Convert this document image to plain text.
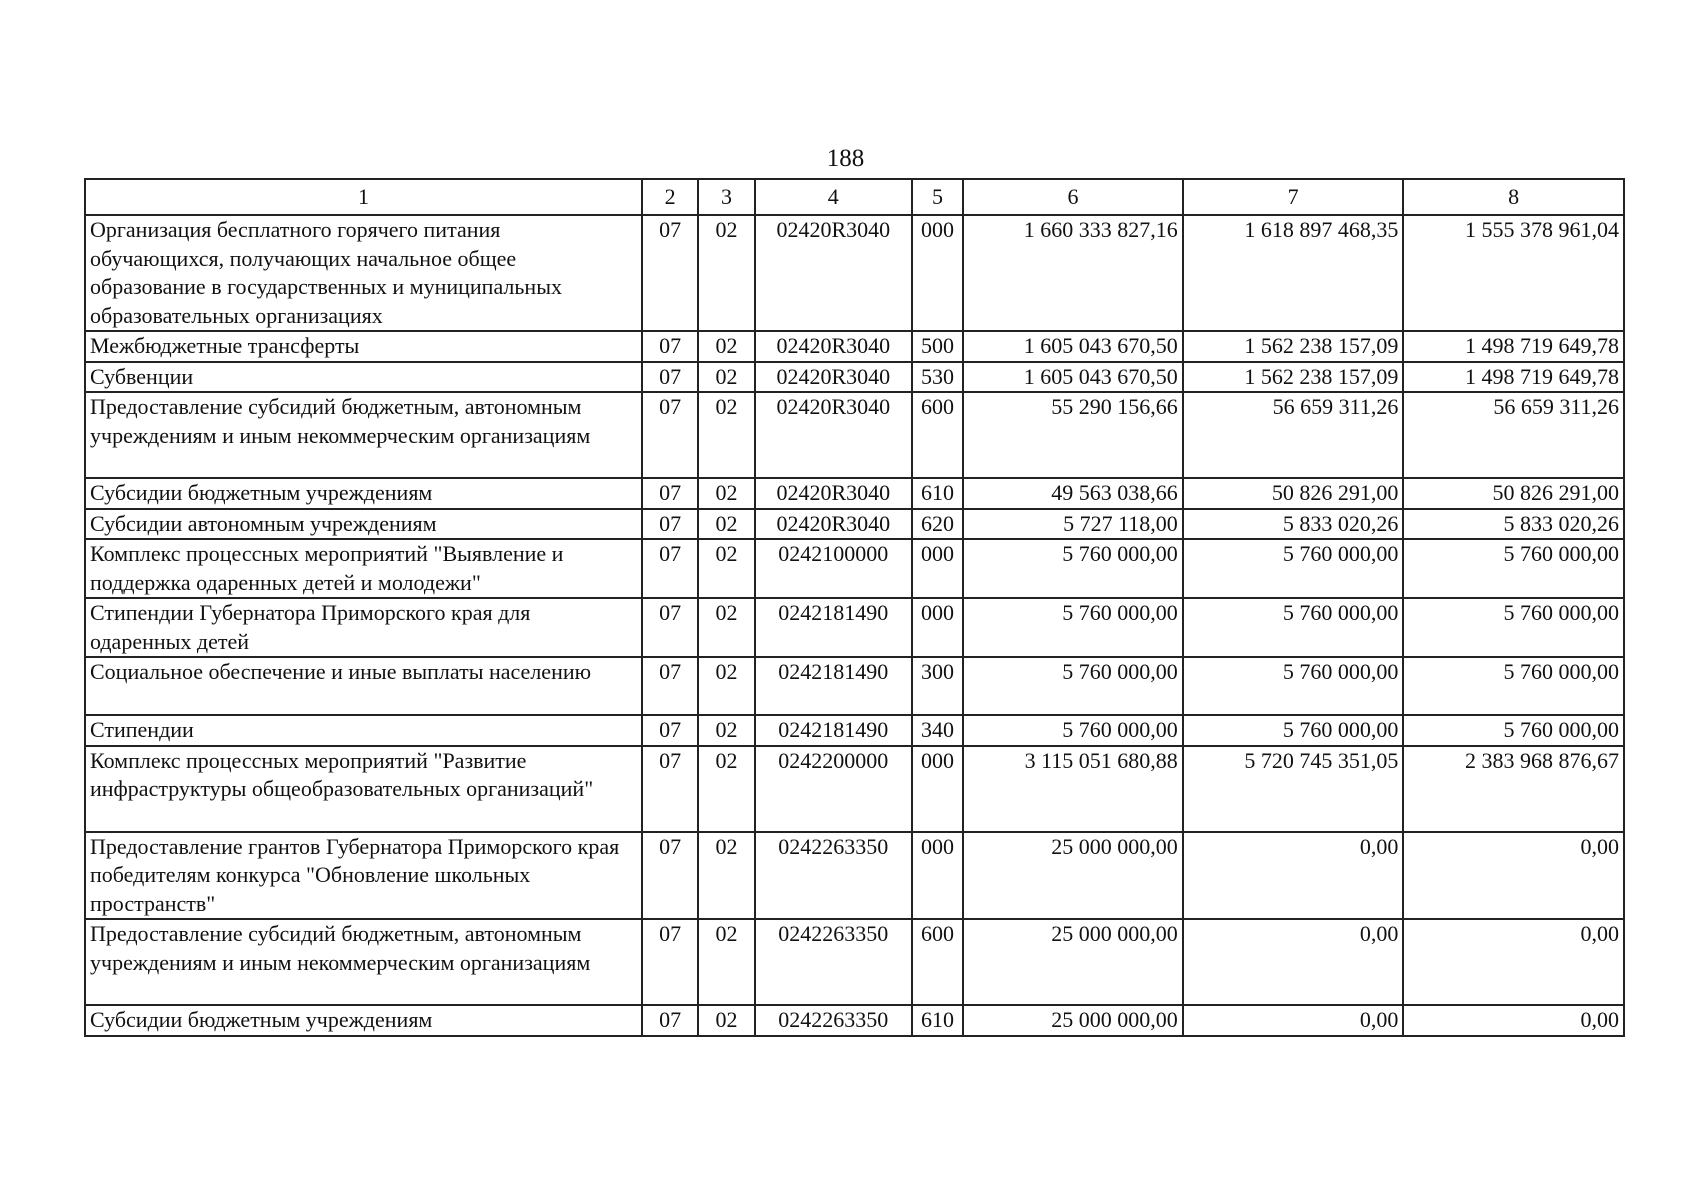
188
1	2	3	4	5	6	7	8
Организация бесплатного горячего питания обучающихся, получающих начальное общее образование в государственных и муниципальных образовательных организациях	07	02	02420R3040	000	1 660 333 827,16	1 618 897 468,35	1 555 378 961,04
Межбюджетные трансферты	07	02	02420R3040	500	1 605 043 670,50	1 562 238 157,09	1 498 719 649,78
Субвенции	07	02	02420R3040	530	1 605 043 670,50	1 562 238 157,09	1 498 719 649,78
Предоставление субсидий бюджетным, автономным учреждениям и иным некоммерческим организациям	07	02	02420R3040	600	55 290 156,66	56 659 311,26	56 659 311,26
Субсидии бюджетным учреждениям	07	02	02420R3040	610	49 563 038,66	50 826 291,00	50 826 291,00
Субсидии автономным учреждениям	07	02	02420R3040	620	5 727 118,00	5 833 020,26	5 833 020,26
Комплекс процессных мероприятий "Выявление и поддержка одаренных детей и молодежи"	07	02	0242100000	000	5 760 000,00	5 760 000,00	5 760 000,00
Стипендии Губернатора Приморского края для одаренных детей	07	02	0242181490	000	5 760 000,00	5 760 000,00	5 760 000,00
Социальное обеспечение и иные выплаты населению	07	02	0242181490	300	5 760 000,00	5 760 000,00	5 760 000,00
Стипендии	07	02	0242181490	340	5 760 000,00	5 760 000,00	5 760 000,00
Комплекс процессных мероприятий "Развитие инфраструктуры общеобразовательных организаций"	07	02	0242200000	000	3 115 051 680,88	5 720 745 351,05	2 383 968 876,67
Предоставление грантов Губернатора Приморского края победителям конкурса "Обновление школьных пространств"	07	02	0242263350	000	25 000 000,00	0,00	0,00
Предоставление субсидий бюджетным, автономным учреждениям и иным некоммерческим организациям	07	02	0242263350	600	25 000 000,00	0,00	0,00
Субсидии бюджетным учреждениям	07	02	0242263350	610	25 000 000,00	0,00	0,00
